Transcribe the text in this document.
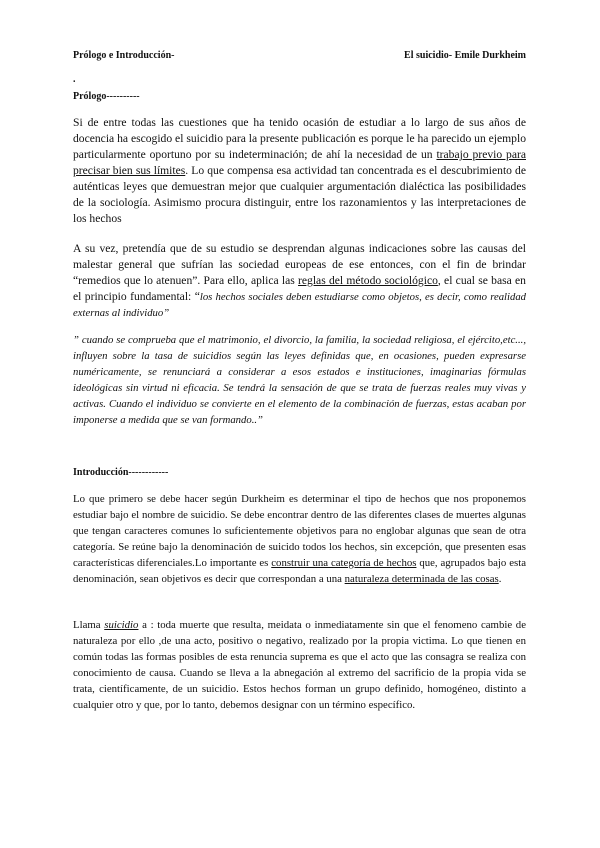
Prólogo e Introducción-	El suicidio- Emile Durkheim
.
Prólogo----------

Si de entre todas las cuestiones que ha tenido ocasión de estudiar a lo largo de sus años de docencia ha escogido el suicidio para la presente publicación es porque le ha parecido un ejemplo particularmente oportuno por su indeterminación; de ahí la necesidad de un trabajo previo para precisar bien sus límites. Lo que compensa esa actividad tan concentrada es el descubrimiento de auténticas leyes que demuestran mejor que cualquier argumentación dialéctica las posibilidades de la sociología. Asimismo procura distinguir, entre los razonamientos y las interpretaciones de los hechos

A su vez, pretendía que de su estudio se desprendan algunas indicaciones sobre las causas del malestar general que sufrían las sociedad europeas de ese entonces, con el fin de brindar “remedios que lo atenuen”. Para ello, aplica las reglas del método sociológico, el cual se basa en el principio fundamental: “los hechos sociales deben estudiarse como objetos, es decir, como realidad externas al individuo”

” cuando se comprueba que el matrimonio, el divorcio, la familia, la sociedad religiosa, el ejército,etc..., influyen sobre la tasa de suicidios según las leyes definidas que, en ocasiones, pueden expresarse numéricamente, se renunciará a considerar a esos estados e instituciones, imaginarias fórmulas ideológicas sin virtud ni eficacia. Se tendrá la sensación de que se trata de fuerzas reales muy vivas y activas. Cuando el individuo se convierte en el elemento de la combinación de fuerzas, estas acaban por imponerse a medida que se van formando..”

Introducción------------

Lo que primero se debe hacer según Durkheim es determinar el tipo de hechos que nos proponemos estudiar bajo el nombre de suicidio. Se debe encontrar dentro de las diferentes clases de muertes algunas que tengan caracteres comunes lo suficientemente objetivos para no englobar algunas que sean de otra categoría. Se reúne bajo la denominación de suicido todos los hechos, sin excepción, que presenten esas características diferenciales.Lo importante es construir una categoría de hechos que, agrupados bajo esta denominación, sean objetivos es decir que correspondan a una naturaleza determinada de las cosas.

Llama suicidio a : toda muerte que resulta, meidata o inmediatamente sin que el fenomeno cambie de naturaleza por ello ,de una acto, positivo o negativo, realizado por la propia victima. Lo que tienen en común todas las formas posibles de esta renuncia suprema es que el acto que las consagra se realiza con conocimiento de causa. Cuando se lleva a la abnegación al extremo del sacrificio de la propia vida se trata, científicamente, de un suicidio. Estos hechos forman un grupo definido, homogéneo, distinto a cualquier otro y que, por lo tanto, debemos designar con un término específico.
